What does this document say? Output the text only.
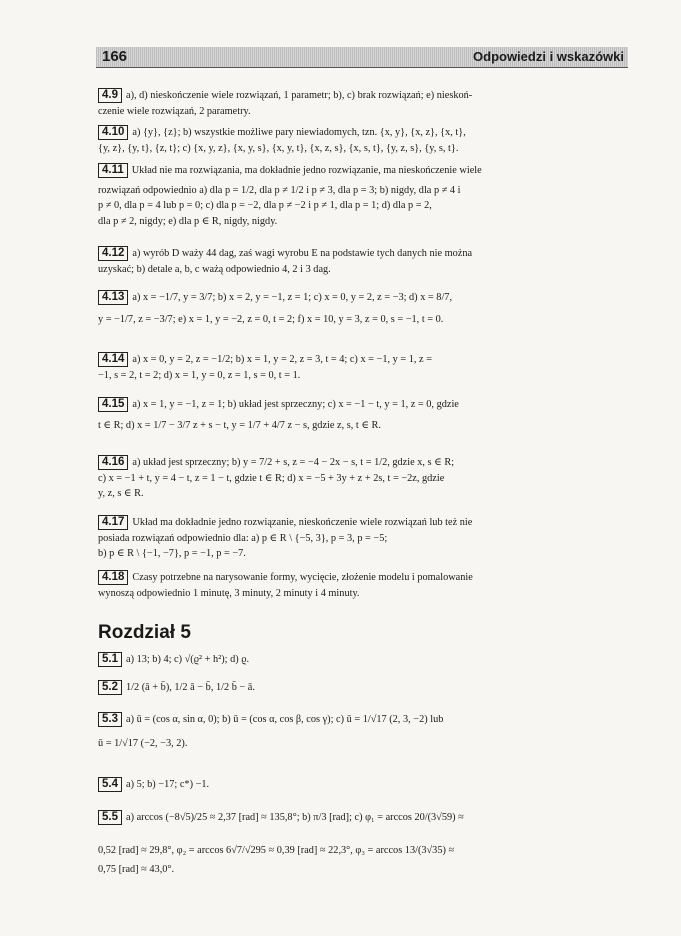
166	Odpowiedzi i wskazówki
4.9 a), d) nieskończenie wiele rozwiązań, 1 parametr; b), c) brak rozwiązań; e) nieskoń-
czenie wiele rozwiązań, 2 parametry.
4.10 a) {y}, {z}; b) wszystkie możliwe pary niewiadomych, tzn. {x, y}, {x, z}, {x, t},
{y, z}, {y, t}, {z, t}; c) {x, y, z}, {x, y, s}, {x, y, t}, {x, z, s}, {x, s, t}, {y, z, s}, {y, s, t}.
4.11 Układ nie ma rozwiązania, ma dokładnie jedno rozwiązanie, ma nieskończenie wiele
rozwiązań odpowiednio a) dla p = 1/2, dla p ≠ 1/2 i p ≠ 3, dla p = 3; b) nigdy, dla p ≠ 4 i
p ≠ 0, dla p = 4 lub p = 0; c) dla p = −2, dla p ≠ −2 i p ≠ 1, dla p = 1; d) dla p = 2,
dla p ≠ 2, nigdy; e) dla p ∈ R, nigdy, nigdy.
4.12 a) wyrób D waży 44 dag, zaś wagi wyrobu E na podstawie tych danych nie można
uzyskać; b) detale a, b, c ważą odpowiednio 4, 2 i 3 dag.
4.13 a) x = −1/7, y = 3/7; b) x = 2, y = −1, z = 1; c) x = 0, y = 2, z = −3; d) x = 8/7,
y = −1/7, z = −3/7; e) x = 1, y = −2, z = 0, t = 2; f) x = 10, y = 3, z = 0, s = −1, t = 0.
4.14 a) x = 0, y = 2, z = −1/2; b) x = 1, y = 2, z = 3, t = 4; c) x = −1, y = 1, z =
−1, s = 2, t = 2; d) x = 1, y = 0, z = 1, s = 0, t = 1.
4.15 a) x = 1, y = −1, z = 1; b) układ jest sprzeczny; c) x = −1 − t, y = 1, z = 0, gdzie
t ∈ R; d) x = 1/7 − 3/7 z + s − t, y = 1/7 + 4/7 z − s, gdzie z, s, t ∈ R.
4.16 a) układ jest sprzeczny; b) y = 7/2 + s, z = −4 − 2x − s, t = 1/2, gdzie x, s ∈ R;
c) x = −1 + t, y = 4 − t, z = 1 − t, gdzie t ∈ R; d) x = −5 + 3y + z + 2s, t = −2z, gdzie
y, z, s ∈ R.
4.17 Układ ma dokładnie jedno rozwiązanie, nieskończenie wiele rozwiązań lub też nie
posiada rozwiązań odpowiednio dla: a) p ∈ R \ {−5, 3}, p = 3, p = −5;
b) p ∈ R \ {−1, −7}, p = −1, p = −7.
4.18 Czasy potrzebne na narysowanie formy, wycięcie, złożenie modelu i pomalowanie
wynoszą odpowiednio 1 minutę, 3 minuty, 2 minuty i 4 minuty.
Rozdział 5
5.1 a) 13; b) 4; c) √(ϱ² + h²); d) ϱ.
5.2 1/2 (ā + b̄), 1/2 ā − b̄, 1/2 b̄ − ā.
5.3 a) ū = (cos α, sin α, 0); b) ū = (cos α, cos β, cos γ); c) ū = 1/√17 (2, 3, −2) lub
ū = 1/√17 (−2, −3, 2).
5.4 a) 5; b) −17; c*) −1.
5.5 a) arccos (−8√5)/25 ≈ 2,37 [rad] ≈ 135,8°; b) π/3 [rad]; c) φ₁ = arccos 20/(3√59) ≈
0,52 [rad] ≈ 29,8°, φ₂ = arccos 6√7/√295 ≈ 0,39 [rad] ≈ 22,3°, φ₃ = arccos 13/(3√35) ≈
0,75 [rad] ≈ 43,0°.
